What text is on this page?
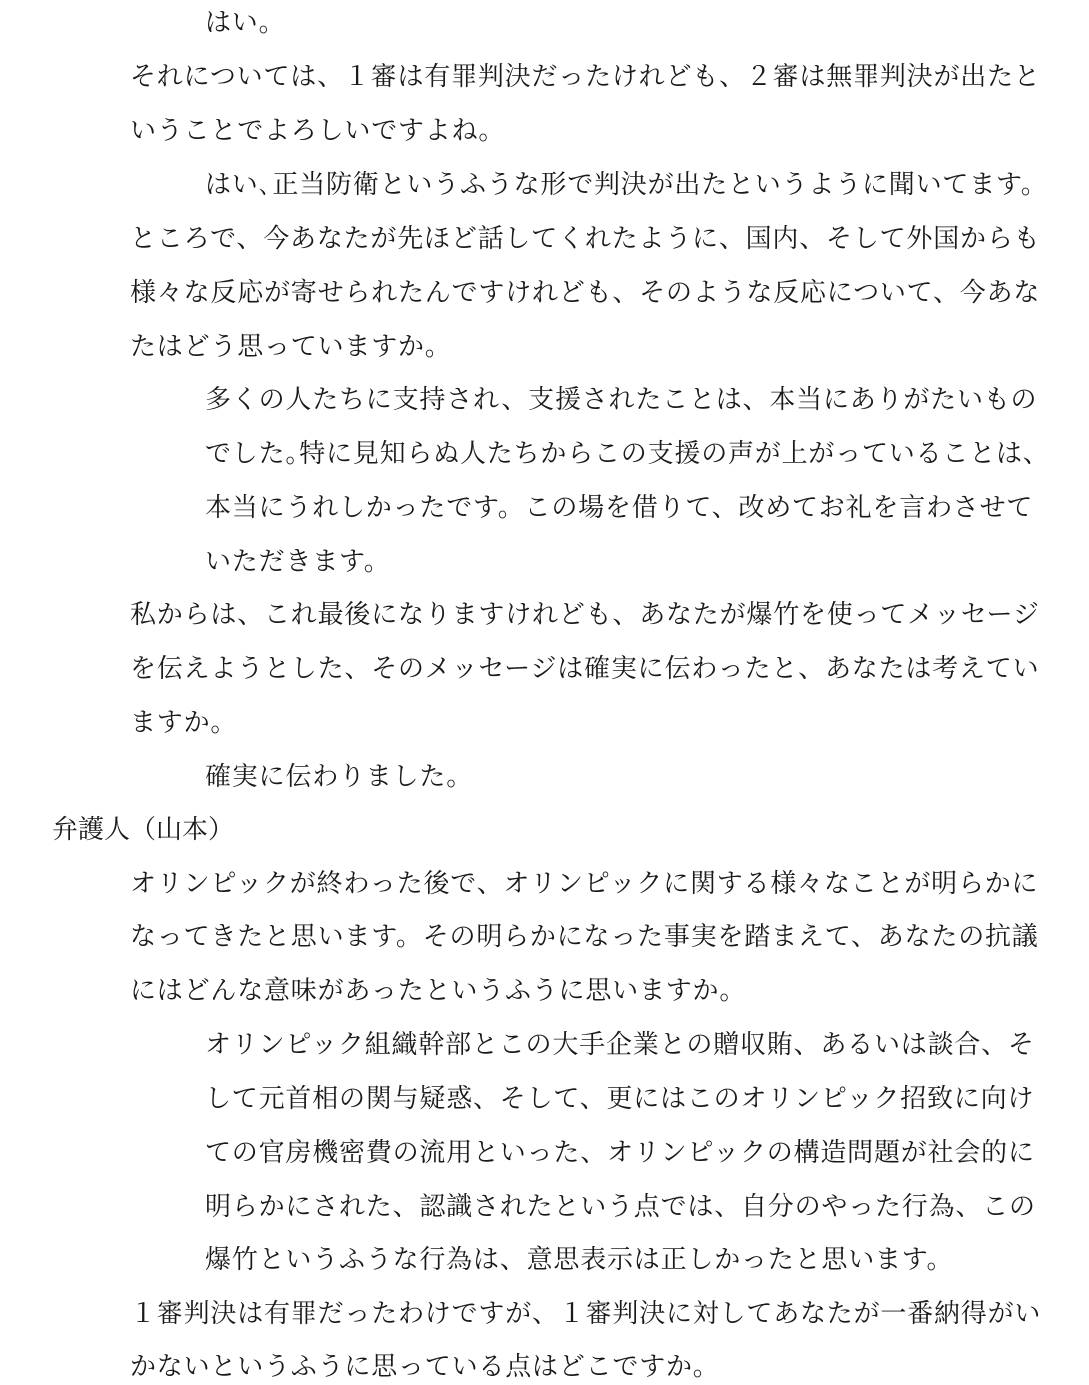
はい。
それについては、１審は有罪判決だったけれども、２審は無罪判決が出たと
いうことでよろしいですよね。
はい､正当防衛というふうな形で判決が出たというように聞いてます。
ところで、今あなたが先ほど話してくれたように、国内、そして外国からも
様々な反応が寄せられたんですけれども、そのような反応について、今あな
たはどう思っていますか。
多くの人たちに支持され、支援されたことは、本当にありがたいもの
でした｡特に見知らぬ人たちからこの支援の声が上がっていることは、
本当にうれしかったです。この場を借りて、改めてお礼を言わさせて
いただきます。
私からは、これ最後になりますけれども、あなたが爆竹を使ってメッセージ
を伝えようとした、そのメッセージは確実に伝わったと、あなたは考えてい
ますか。
確実に伝わりました。
弁護人（山本）
オリンピックが終わった後で、オリンピックに関する様々なことが明らかに
なってきたと思います。その明らかになった事実を踏まえて、あなたの抗議
にはどんな意味があったというふうに思いますか。
オリンピック組織幹部とこの大手企業との贈収賄、あるいは談合、そ
して元首相の関与疑惑、そして、更にはこのオリンピック招致に向け
ての官房機密費の流用といった、オリンピックの構造問題が社会的に
明らかにされた、認識されたという点では、自分のやった行為、この
爆竹というふうな行為は、意思表示は正しかったと思います。
１審判決は有罪だったわけですが、１審判決に対してあなたが一番納得がい
かないというふうに思っている点はどこですか。
